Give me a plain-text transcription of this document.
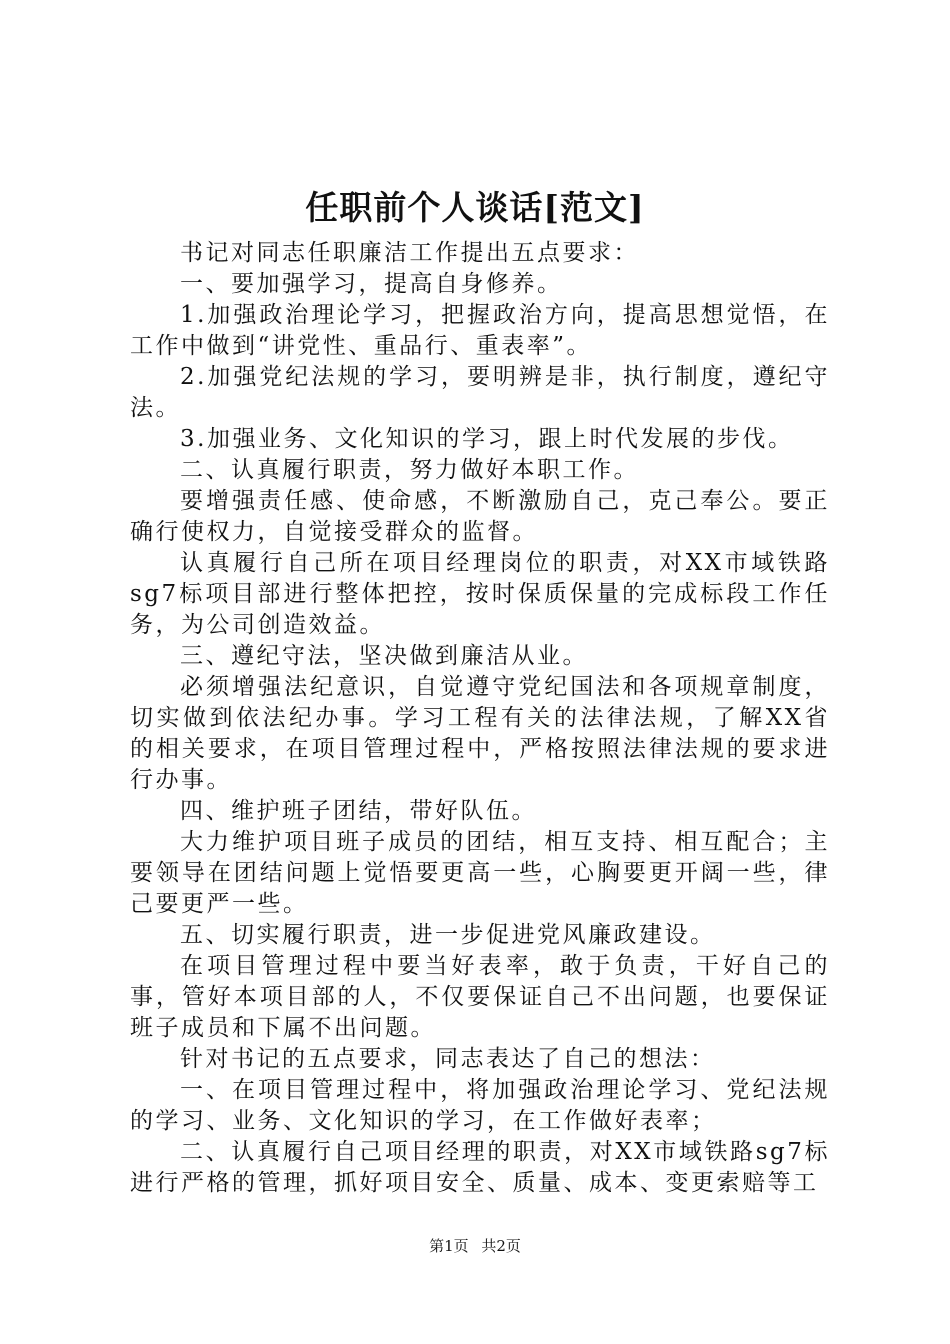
任职前个人谈话[范文]

书记对同志任职廉洁工作提出五点要求：

一、要加强学习，提高自身修养。

1.加强政治理论学习，把握政治方向，提高思想觉悟，在工作中做到“讲党性、重品行、重表率”。

2.加强党纪法规的学习，要明辨是非，执行制度，遵纪守法。

3.加强业务、文化知识的学习，跟上时代发展的步伐。

二、认真履行职责，努力做好本职工作。

要增强责任感、使命感，不断激励自己，克己奉公。要正确行使权力，自觉接受群众的监督。

认真履行自己所在项目经理岗位的职责，对XX市域铁路sg7标项目部进行整体把控，按时保质保量的完成标段工作任务，为公司创造效益。

三、遵纪守法，坚决做到廉洁从业。

必须增强法纪意识，自觉遵守党纪国法和各项规章制度，切实做到依法纪办事。学习工程有关的法律法规，了解XX省的相关要求，在项目管理过程中，严格按照法律法规的要求进行办事。

四、维护班子团结，带好队伍。

大力维护项目班子成员的团结，相互支持、相互配合；主要领导在团结问题上觉悟要更高一些，心胸要更开阔一些，律己要更严一些。

五、切实履行职责，进一步促进党风廉政建设。

在项目管理过程中要当好表率，敢于负责，干好自己的事，管好本项目部的人，不仅要保证自己不出问题，也要保证班子成员和下属不出问题。

针对书记的五点要求，同志表达了自己的想法：

一、在项目管理过程中，将加强政治理论学习、党纪法规的学习、业务、文化知识的学习，在工作做好表率；

二、认真履行自己项目经理的职责，对XX市域铁路sg7标进行严格的管理，抓好项目安全、质量、成本、变更索赔等工

第1页 共2页
